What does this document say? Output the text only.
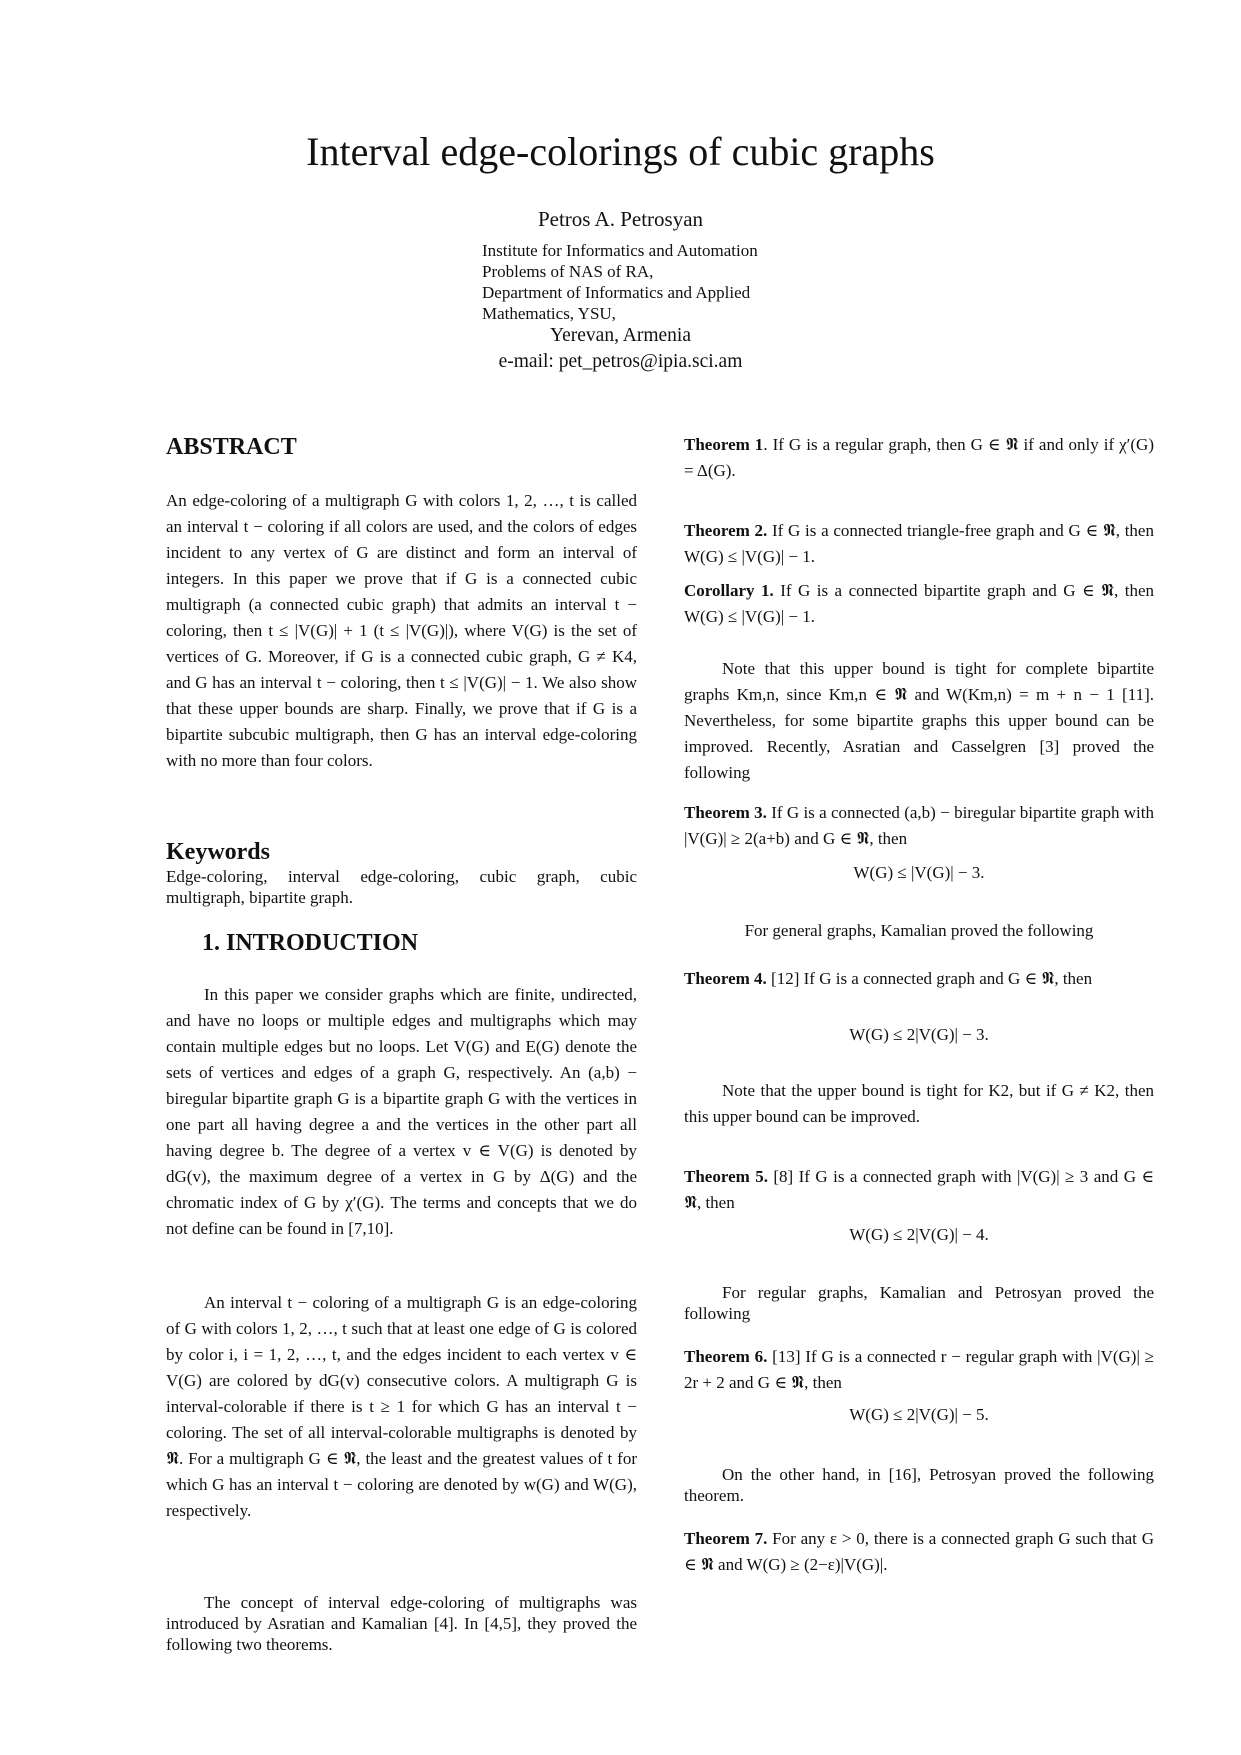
Interval edge-colorings of cubic graphs
Petros A. Petrosyan
Institute for Informatics and Automation Problems of NAS of RA,
Department of Informatics and Applied Mathematics, YSU,
Yerevan, Armenia
e-mail: pet_petros@ipia.sci.am
ABSTRACT
An edge-coloring of a multigraph G with colors 1, 2, …, t is called an interval t − coloring if all colors are used, and the colors of edges incident to any vertex of G are distinct and form an interval of integers. In this paper we prove that if G is a connected cubic multigraph (a connected cubic graph) that admits an interval t − coloring, then t ≤ |V(G)| + 1 (t ≤ |V(G)|), where V(G) is the set of vertices of G. Moreover, if G is a connected cubic graph, G ≠ K4, and G has an interval t − coloring, then t ≤ |V(G)| − 1. We also show that these upper bounds are sharp. Finally, we prove that if G is a bipartite subcubic multigraph, then G has an interval edge-coloring with no more than four colors.
Keywords
Edge-coloring, interval edge-coloring, cubic graph, cubic multigraph, bipartite graph.
1. INTRODUCTION
In this paper we consider graphs which are finite, undirected, and have no loops or multiple edges and multigraphs which may contain multiple edges but no loops. Let V(G) and E(G) denote the sets of vertices and edges of a graph G, respectively. An (a,b) − biregular bipartite graph G is a bipartite graph G with the vertices in one part all having degree a and the vertices in the other part all having degree b. The degree of a vertex v ∈ V(G) is denoted by dG(v), the maximum degree of a vertex in G by Δ(G) and the chromatic index of G by χ′(G). The terms and concepts that we do not define can be found in [7,10].
An interval t − coloring of a multigraph G is an edge-coloring of G with colors 1, 2, …, t such that at least one edge of G is colored by color i, i = 1, 2, …, t, and the edges incident to each vertex v ∈ V(G) are colored by dG(v) consecutive colors. A multigraph G is interval-colorable if there is t ≥ 1 for which G has an interval t − coloring. The set of all interval-colorable multigraphs is denoted by 𝕹. For a multigraph G ∈ 𝕹, the least and the greatest values of t for which G has an interval t − coloring are denoted by w(G) and W(G), respectively.
The concept of interval edge-coloring of multigraphs was introduced by Asratian and Kamalian [4]. In [4,5], they proved the following two theorems.
Theorem 1. If G is a regular graph, then G ∈ 𝕹 if and only if χ′(G) = Δ(G).
Theorem 2. If G is a connected triangle-free graph and G ∈ 𝕹, then W(G) ≤ |V(G)| − 1.
Corollary 1. If G is a connected bipartite graph and G ∈ 𝕹, then W(G) ≤ |V(G)| − 1.
Note that this upper bound is tight for complete bipartite graphs Km,n, since Km,n ∈ 𝕹 and W(Km,n) = m + n − 1 [11]. Nevertheless, for some bipartite graphs this upper bound can be improved. Recently, Asratian and Casselgren [3] proved the following
Theorem 3. If G is a connected (a,b) − biregular bipartite graph with |V(G)| ≥ 2(a+b) and G ∈ 𝕹, then
W(G) ≤ |V(G)| − 3.
For general graphs, Kamalian proved the following
Theorem 4. [12] If G is a connected graph and G ∈ 𝕹, then
W(G) ≤ 2|V(G)| − 3.
Note that the upper bound is tight for K2, but if G ≠ K2, then this upper bound can be improved.
Theorem 5. [8] If G is a connected graph with |V(G)| ≥ 3 and G ∈ 𝕹, then
W(G) ≤ 2|V(G)| − 4.
For regular graphs, Kamalian and Petrosyan proved the following
Theorem 6. [13] If G is a connected r − regular graph with |V(G)| ≥ 2r + 2 and G ∈ 𝕹, then
W(G) ≤ 2|V(G)| − 5.
On the other hand, in [16], Petrosyan proved the following theorem.
Theorem 7. For any ε > 0, there is a connected graph G such that G ∈ 𝕹 and W(G) ≥ (2−ε)|V(G)|.
